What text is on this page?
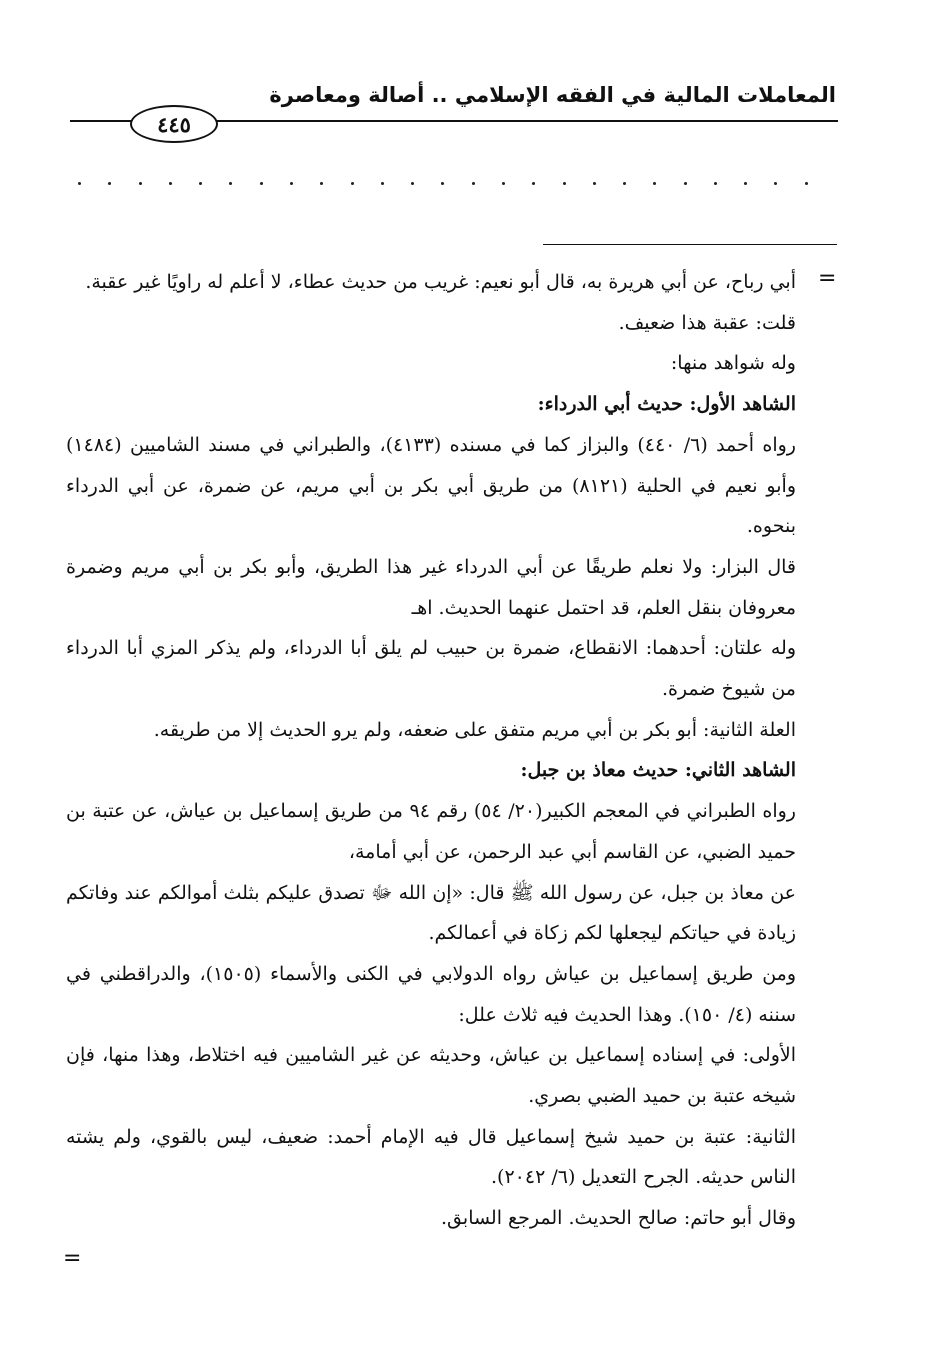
المعاملات المالية في الفقه الإسلامي .. أصالة ومعاصرة
٤٤٥
=

أبي رباح، عن أبي هريرة به، قال أبو نعيم: غريب من حديث عطاء، لا أعلم له راويًا غير عقبة.

قلت: عقبة هذا ضعيف.

وله شواهد منها:

الشاهد الأول: حديث أبي الدرداء:

رواه أحمد (٦/ ٤٤٠) والبزاز كما في مسنده (٤١٣٣)، والطبراني في مسند الشاميين (١٤٨٤) وأبو نعيم في الحلية (٨١٢١) من طريق أبي بكر بن أبي مريم، عن ضمرة، عن أبي الدرداء بنحوه.

قال البزار: ولا نعلم طريقًا عن أبي الدرداء غير هذا الطريق، وأبو بكر بن أبي مريم وضمرة معروفان بنقل العلم، قد احتمل عنهما الحديث. اهـ

وله علتان: أحدهما: الانقطاع، ضمرة بن حبيب لم يلق أبا الدرداء، ولم يذكر المزي أبا الدرداء من شيوخ ضمرة.

العلة الثانية: أبو بكر بن أبي مريم متفق على ضعفه، ولم يرو الحديث إلا من طريقه.

الشاهد الثاني: حديث معاذ بن جبل:

رواه الطبراني في المعجم الكبير(٢٠/ ٥٤) رقم ٩٤ من طريق إسماعيل بن عياش، عن عتبة بن حميد الضبي، عن القاسم أبي عبد الرحمن، عن أبي أمامة،

عن معاذ بن جبل، عن رسول الله ﷺ قال: «إن الله ﷻ تصدق عليكم بثلث أموالكم عند وفاتكم زيادة في حياتكم ليجعلها لكم زكاة في أعمالكم.

ومن طريق إسماعيل بن عياش رواه الدولابي في الكنى والأسماء (١٥٠٥)، والدراقطني في سننه (٤/ ١٥٠). وهذا الحديث فيه ثلاث علل:

الأولى: في إسناده إسماعيل بن عياش، وحديثه عن غير الشاميين فيه اختلاط، وهذا منها، فإن شيخه عتبة بن حميد الضبي بصري.

الثانية: عتبة بن حميد شيخ إسماعيل قال فيه الإمام أحمد: ضعيف، ليس بالقوي، ولم يشته الناس حديثه. الجرح التعديل (٦/ ٢٠٤٢).

وقال أبو حاتم: صالح الحديث. المرجع السابق.

=
